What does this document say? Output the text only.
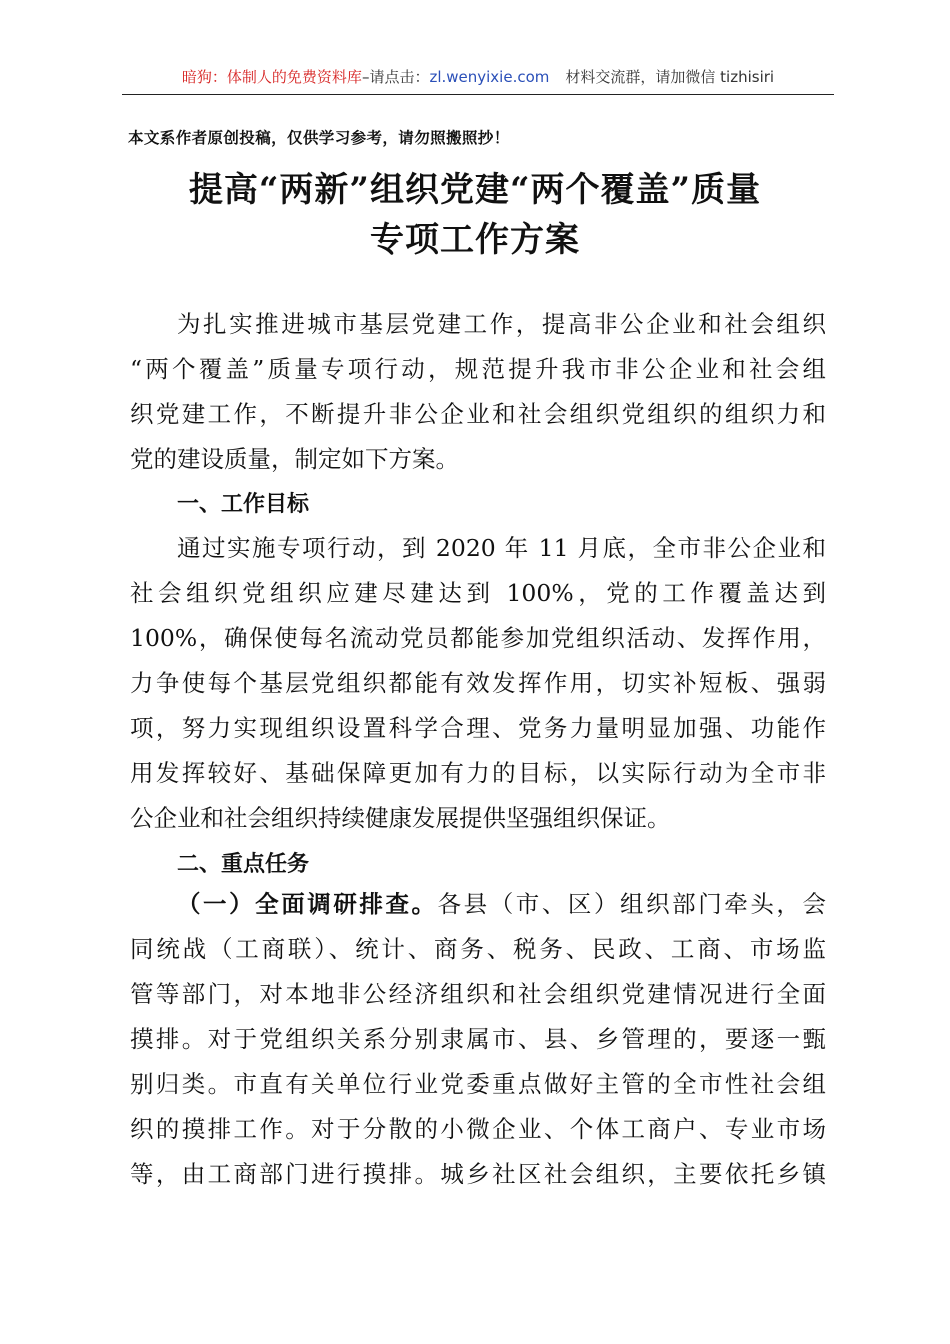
暗狗：体制人的免费资料库–请点击：zl.wenyixie.com 材料交流群，请加微信 tizhisiri
本文系作者原创投稿，仅供学习参考，请勿照搬照抄！
提高“两新”组织党建“两个覆盖”质量
专项工作方案
为扎实推进城市基层党建工作，提高非公企业和社会组织
“两个覆盖”质量专项行动，规范提升我市非公企业和社会组
织党建工作，不断提升非公企业和社会组织党组织的组织力和
党的建设质量，制定如下方案。
一、工作目标
通过实施专项行动，到 2020 年 11 月底，全市非公企业和
社会组织党组织应建尽建达到 100%，党的工作覆盖达到
100%，确保使每名流动党员都能参加党组织活动、发挥作用，
力争使每个基层党组织都能有效发挥作用，切实补短板、强弱
项，努力实现组织设置科学合理、党务力量明显加强、功能作
用发挥较好、基础保障更加有力的目标，以实际行动为全市非
公企业和社会组织持续健康发展提供坚强组织保证。
二、重点任务
（一）全面调研排查。各县（市、区）组织部门牵头，会
同统战（工商联）、统计、商务、税务、民政、工商、市场监
管等部门，对本地非公经济组织和社会组织党建情况进行全面
摸排。对于党组织关系分别隶属市、县、乡管理的，要逐一甄
别归类。市直有关单位行业党委重点做好主管的全市性社会组
织的摸排工作。对于分散的小微企业、个体工商户、专业市场
等，由工商部门进行摸排。城乡社区社会组织，主要依托乡镇
